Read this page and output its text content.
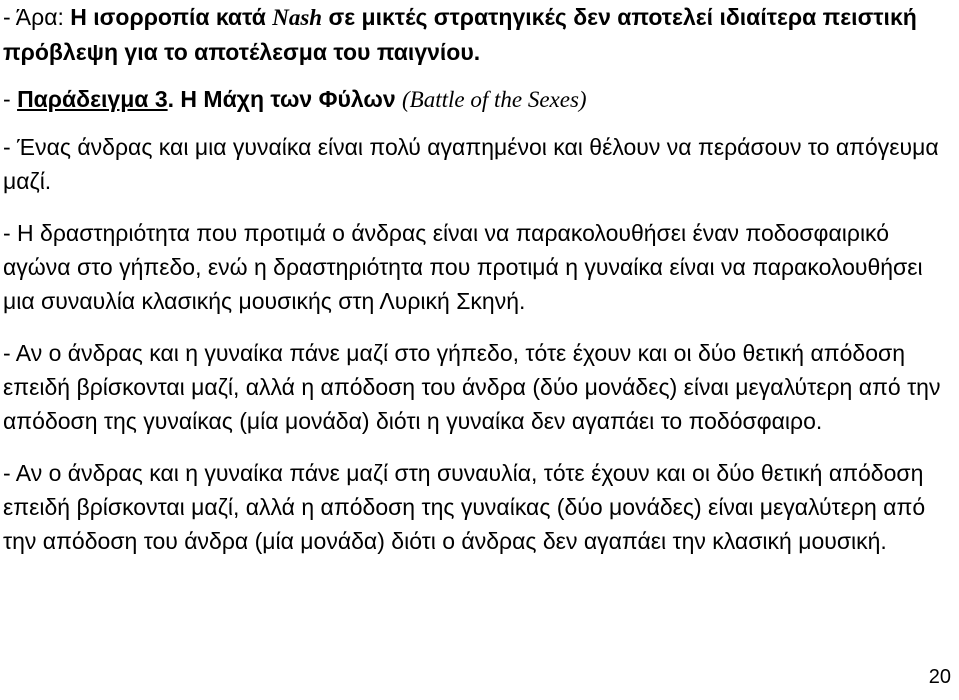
- Άρα: Η ισορροπία κατά Nash σε μικτές στρατηγικές δεν αποτελεί ιδιαίτερα πειστική πρόβλεψη για το αποτέλεσμα του παιγνίου.

- Παράδειγμα 3. Η Μάχη των Φύλων (Battle of the Sexes)

- Ένας άνδρας και μια γυναίκα είναι πολύ αγαπημένοι και θέλουν να περάσουν το απόγευμα μαζί.

- Η δραστηριότητα που προτιμά ο άνδρας είναι να παρακολουθήσει έναν ποδοσφαιρικό αγώνα στο γήπεδο, ενώ η δραστηριότητα που προτιμά η γυναίκα είναι να παρακολουθήσει μια συναυλία κλασικής μουσικής στη Λυρική Σκηνή.

- Αν ο άνδρας και η γυναίκα πάνε μαζί στο γήπεδο, τότε έχουν και οι δύο θετική απόδοση επειδή βρίσκονται μαζί, αλλά η απόδοση του άνδρα (δύο μονάδες) είναι μεγαλύτερη από την απόδοση της γυναίκας (μία μονάδα) διότι η γυναίκα δεν αγαπάει το ποδόσφαιρο.

- Αν ο άνδρας και η γυναίκα πάνε μαζί στη συναυλία, τότε έχουν και οι δύο θετική απόδοση επειδή βρίσκονται μαζί, αλλά η απόδοση της γυναίκας (δύο μονάδες) είναι μεγαλύτερη από την απόδοση του άνδρα (μία μονάδα) διότι ο άνδρας δεν αγαπάει την κλασική μουσική.

20
